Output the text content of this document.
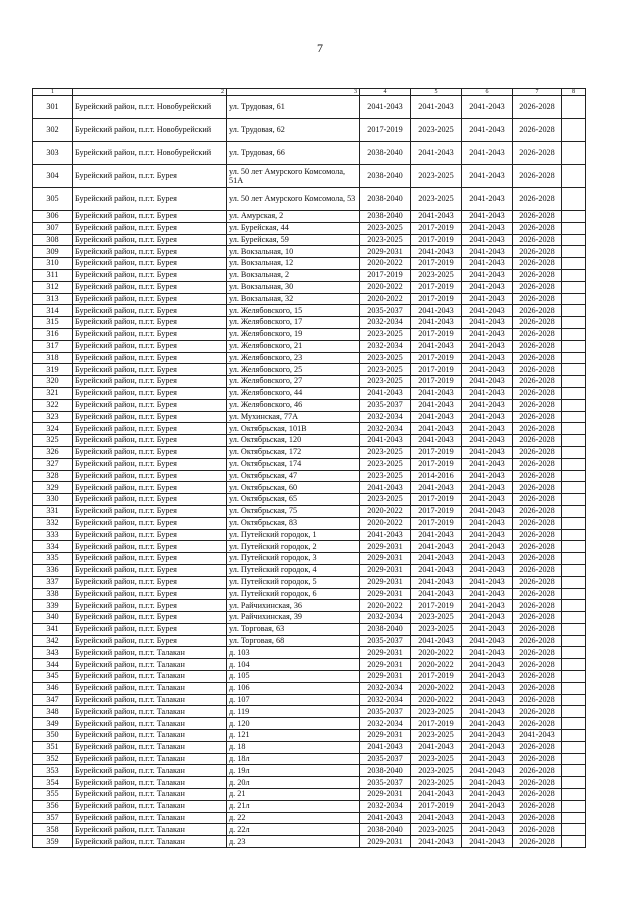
7
1	2	3	4	5	6	7	8
301	Бурейский район, п.г.т. Новобурейский	ул. Трудовая, 61	2041-2043	2041-2043	2041-2043	2026-2028	
302	Бурейский район, п.г.т. Новобурейский	ул. Трудовая, 62	2017-2019	2023-2025	2041-2043	2026-2028	
303	Бурейский район, п.г.т. Новобурейский	ул. Трудовая, 66	2038-2040	2041-2043	2041-2043	2026-2028	
304	Бурейский район, п.г.т. Бурея	ул. 50 лет Амурского Комсомола, 51А	2038-2040	2023-2025	2041-2043	2026-2028	
305	Бурейский район, п.г.т. Бурея	ул. 50 лет Амурского Комсомола, 53	2038-2040	2023-2025	2041-2043	2026-2028	
306	Бурейский район, п.г.т. Бурея	ул. Амурская, 2	2038-2040	2041-2043	2041-2043	2026-2028	
307	Бурейский район, п.г.т. Бурея	ул. Бурейская, 44	2023-2025	2017-2019	2041-2043	2026-2028	
308	Бурейский район, п.г.т. Бурея	ул. Бурейская, 59	2023-2025	2017-2019	2041-2043	2026-2028	
309	Бурейский район, п.г.т. Бурея	ул. Вокзальная, 10	2029-2031	2041-2043	2041-2043	2026-2028	
310	Бурейский район, п.г.т. Бурея	ул. Вокзальная, 12	2020-2022	2017-2019	2041-2043	2026-2028	
311	Бурейский район, п.г.т. Бурея	ул. Вокзальная, 2	2017-2019	2023-2025	2041-2043	2026-2028	
312	Бурейский район, п.г.т. Бурея	ул. Вокзальная, 30	2020-2022	2017-2019	2041-2043	2026-2028	
313	Бурейский район, п.г.т. Бурея	ул. Вокзальная, 32	2020-2022	2017-2019	2041-2043	2026-2028	
314	Бурейский район, п.г.т. Бурея	ул. Желябовского, 15	2035-2037	2041-2043	2041-2043	2026-2028	
315	Бурейский район, п.г.т. Бурея	ул. Желябовского, 17	2032-2034	2041-2043	2041-2043	2026-2028	
316	Бурейский район, п.г.т. Бурея	ул. Желябовского, 19	2023-2025	2017-2019	2041-2043	2026-2028	
317	Бурейский район, п.г.т. Бурея	ул. Желябовского, 21	2032-2034	2041-2043	2041-2043	2026-2028	
318	Бурейский район, п.г.т. Бурея	ул. Желябовского, 23	2023-2025	2017-2019	2041-2043	2026-2028	
319	Бурейский район, п.г.т. Бурея	ул. Желябовского, 25	2023-2025	2017-2019	2041-2043	2026-2028	
320	Бурейский район, п.г.т. Бурея	ул. Желябовского, 27	2023-2025	2017-2019	2041-2043	2026-2028	
321	Бурейский район, п.г.т. Бурея	ул. Желябовского, 44	2041-2043	2041-2043	2041-2043	2026-2028	
322	Бурейский район, п.г.т. Бурея	ул. Желябовского, 46	2035-2037	2041-2043	2041-2043	2026-2028	
323	Бурейский район, п.г.т. Бурея	ул. Мухинская, 77А	2032-2034	2041-2043	2041-2043	2026-2028	
324	Бурейский район, п.г.т. Бурея	ул. Октябрьская, 101В	2032-2034	2041-2043	2041-2043	2026-2028	
325	Бурейский район, п.г.т. Бурея	ул. Октябрьская, 120	2041-2043	2041-2043	2041-2043	2026-2028	
326	Бурейский район, п.г.т. Бурея	ул. Октябрьская, 172	2023-2025	2017-2019	2041-2043	2026-2028	
327	Бурейский район, п.г.т. Бурея	ул. Октябрьская, 174	2023-2025	2017-2019	2041-2043	2026-2028	
328	Бурейский район, п.г.т. Бурея	ул. Октябрьская, 47	2023-2025	2014-2016	2041-2043	2026-2028	
329	Бурейский район, п.г.т. Бурея	ул. Октябрьская, 60	2041-2043	2041-2043	2041-2043	2026-2028	
330	Бурейский район, п.г.т. Бурея	ул. Октябрьская, 65	2023-2025	2017-2019	2041-2043	2026-2028	
331	Бурейский район, п.г.т. Бурея	ул. Октябрьская, 75	2020-2022	2017-2019	2041-2043	2026-2028	
332	Бурейский район, п.г.т. Бурея	ул. Октябрьская, 83	2020-2022	2017-2019	2041-2043	2026-2028	
333	Бурейский район, п.г.т. Бурея	ул. Путейский городок, 1	2041-2043	2041-2043	2041-2043	2026-2028	
334	Бурейский район, п.г.т. Бурея	ул. Путейский городок, 2	2029-2031	2041-2043	2041-2043	2026-2028	
335	Бурейский район, п.г.т. Бурея	ул. Путейский городок, 3	2029-2031	2041-2043	2041-2043	2026-2028	
336	Бурейский район, п.г.т. Бурея	ул. Путейский городок, 4	2029-2031	2041-2043	2041-2043	2026-2028	
337	Бурейский район, п.г.т. Бурея	ул. Путейский городок, 5	2029-2031	2041-2043	2041-2043	2026-2028	
338	Бурейский район, п.г.т. Бурея	ул. Путейский городок, 6	2029-2031	2041-2043	2041-2043	2026-2028	
339	Бурейский район, п.г.т. Бурея	ул. Райчихинская, 36	2020-2022	2017-2019	2041-2043	2026-2028	
340	Бурейский район, п.г.т. Бурея	ул. Райчихинская, 39	2032-2034	2023-2025	2041-2043	2026-2028	
341	Бурейский район, п.г.т. Бурея	ул. Торговая, 63	2038-2040	2023-2025	2041-2043	2026-2028	
342	Бурейский район, п.г.т. Бурея	ул. Торговая, 68	2035-2037	2041-2043	2041-2043	2026-2028	
343	Бурейский район, п.г.т. Талакан	д. 103	2029-2031	2020-2022	2041-2043	2026-2028	
344	Бурейский район, п.г.т. Талакан	д. 104	2029-2031	2020-2022	2041-2043	2026-2028	
345	Бурейский район, п.г.т. Талакан	д. 105	2029-2031	2017-2019	2041-2043	2026-2028	
346	Бурейский район, п.г.т. Талакан	д. 106	2032-2034	2020-2022	2041-2043	2026-2028	
347	Бурейский район, п.г.т. Талакан	д. 107	2032-2034	2020-2022	2041-2043	2026-2028	
348	Бурейский район, п.г.т. Талакан	д. 119	2035-2037	2023-2025	2041-2043	2026-2028	
349	Бурейский район, п.г.т. Талакан	д. 120	2032-2034	2017-2019	2041-2043	2026-2028	
350	Бурейский район, п.г.т. Талакан	д. 121	2029-2031	2023-2025	2041-2043	2041-2043	
351	Бурейский район, п.г.т. Талакан	д. 18	2041-2043	2041-2043	2041-2043	2026-2028	
352	Бурейский район, п.г.т. Талакан	д. 18л	2035-2037	2023-2025	2041-2043	2026-2028	
353	Бурейский район, п.г.т. Талакан	д. 19л	2038-2040	2023-2025	2041-2043	2026-2028	
354	Бурейский район, п.г.т. Талакан	д. 20л	2035-2037	2023-2025	2041-2043	2026-2028	
355	Бурейский район, п.г.т. Талакан	д. 21	2029-2031	2041-2043	2041-2043	2026-2028	
356	Бурейский район, п.г.т. Талакан	д. 21л	2032-2034	2017-2019	2041-2043	2026-2028	
357	Бурейский район, п.г.т. Талакан	д. 22	2041-2043	2041-2043	2041-2043	2026-2028	
358	Бурейский район, п.г.т. Талакан	д. 22л	2038-2040	2023-2025	2041-2043	2026-2028	
359	Бурейский район, п.г.т. Талакан	д. 23	2029-2031	2041-2043	2041-2043	2026-2028	
